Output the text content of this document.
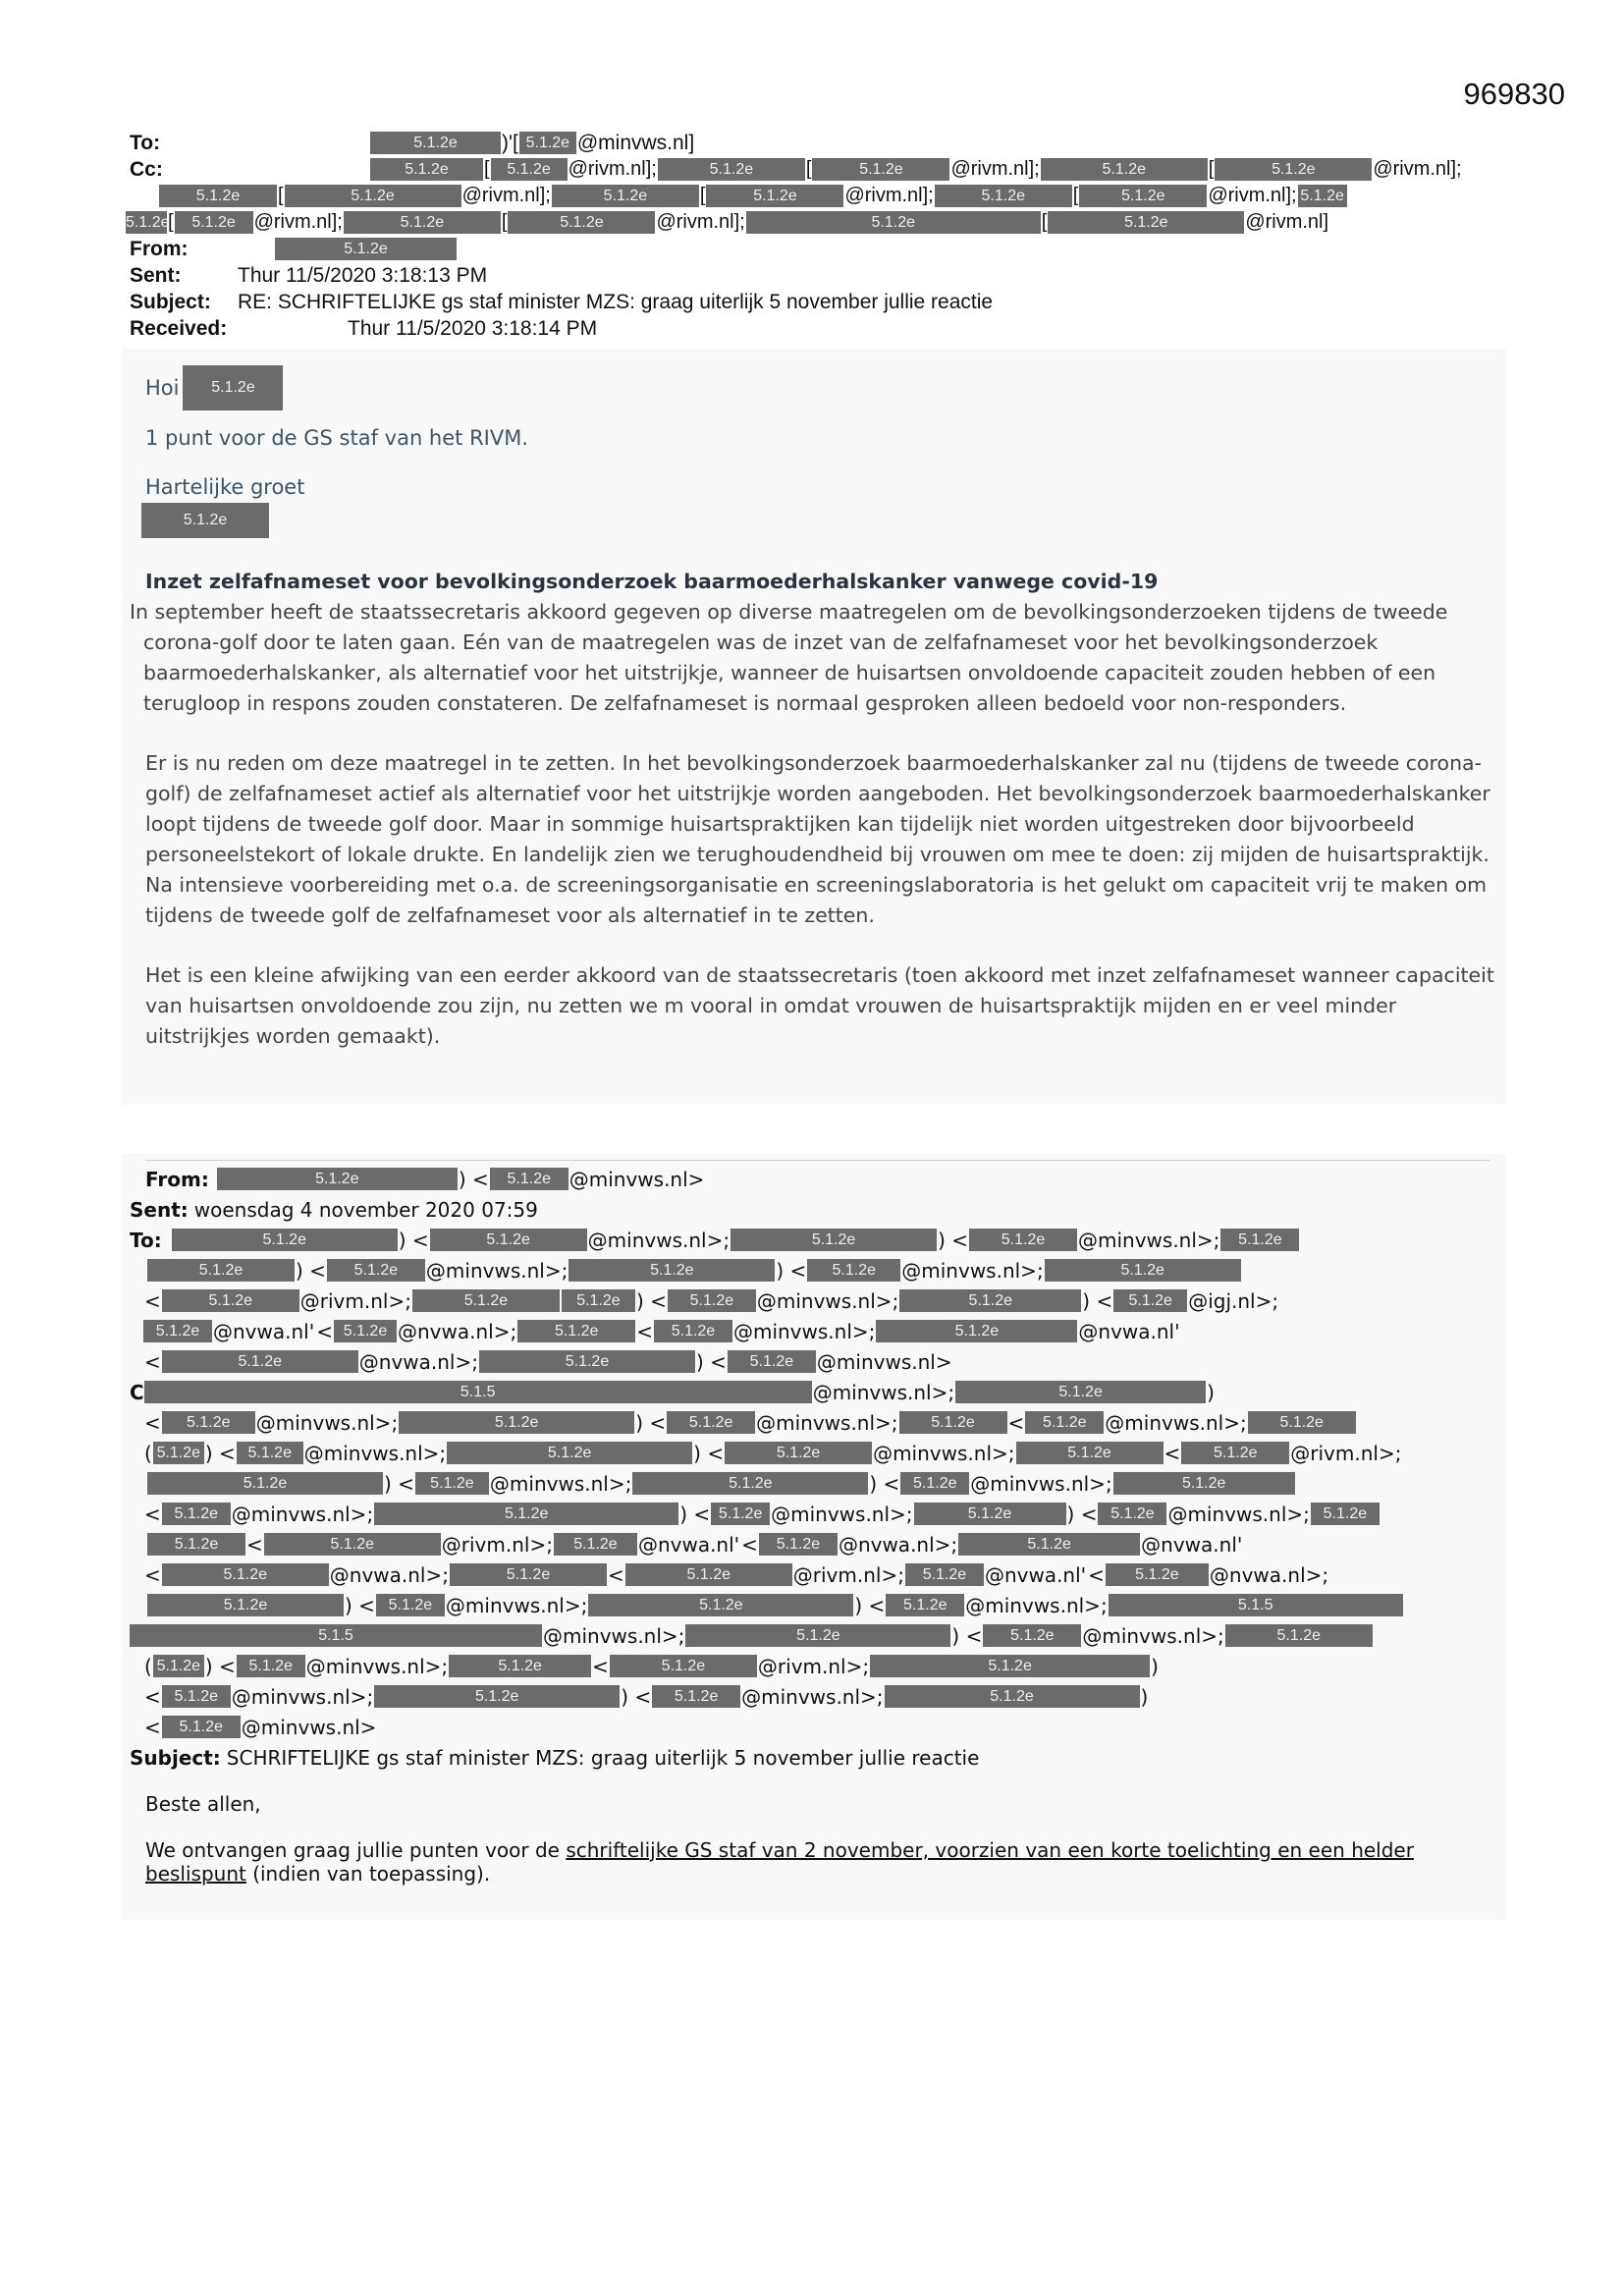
969830
To:	5.1.2e	)'[ 5.1.2e @minvws.nl]
Cc:	5.1.2e	[	5.1.2e @rivm.nl];	5.1.2e	[	5.1.2e	@rivm.nl];	5.1.2e	[	5.1.2e	@rivm.nl];
5.1.2e	[	5.1.2e	@rivm.nl];	5.1.2e	[	5.1.2e	@rivm.nl];	5.1.2e	[	5.1.2e	@rivm.nl]; 5.1.2e
5.1.2e
[	5.1.2e @rivm.nl];	5.1.2e	[	5.1.2e	@rivm.nl];	5.1.2e	[	5.1.2e	@rivm.nl]
From:	5.1.2e
Sent:	Thur 11/5/2020 3:18:13 PM
Subject:	RE: SCHRIFTELIJKE gs staf minister MZS: graag uiterlijk 5 november jullie reactie
Received:	Thur 11/5/2020 3:18:14 PM
Hoi	5.1.2e
1 punt voor de GS staf van het RIVM.
Hartelijke groet
5.1.2e
Inzet zelfafnameset voor bevolkingsonderzoek baarmoederhalskanker vanwege covid-19

In september heeft de staatssecretaris akkoord gegeven op diverse maatregelen om de bevolkingsonderzoeken tijdens de tweede corona-golf door te laten gaan. Eén van de maatregelen was de inzet van de zelfafnameset voor het bevolkingsonderzoek baarmoederhalskanker, als alternatief voor het uitstrijkje, wanneer de huisartsen onvoldoende capaciteit zouden hebben of een terugloop in respons zouden constateren. De zelfafnameset is normaal gesproken alleen bedoeld voor non-responders.

Er is nu reden om deze maatregel in te zetten. In het bevolkingsonderzoek baarmoederhalskanker zal nu (tijdens de tweede corona-golf) de zelfafnameset actief als alternatief voor het uitstrijkje worden aangeboden. Het bevolkingsonderzoek baarmoederhalskanker loopt tijdens de tweede golf door. Maar in sommige huisartspraktijken kan tijdelijk niet worden uitgestreken door bijvoorbeeld personeelstekort of lokale drukte. En landelijk zien we terughoudendheid bij vrouwen om mee te doen: zij mijden de huisartspraktijk. Na intensieve voorbereiding met o.a. de screeningsorganisatie en screeningslaboratoria is het gelukt om capaciteit vrij te maken om tijdens de tweede golf de zelfafnameset voor als alternatief in te zetten.

Het is een kleine afwijking van een eerder akkoord van de staatssecretaris (toen akkoord met inzet zelfafnameset wanneer capaciteit van huisartsen onvoldoende zou zijn, nu zetten we m vooral in omdat vrouwen de huisartspraktijk mijden en er veel minder uitstrijkjes worden gemaakt).

From:	5.1.2e	) <	5.1.2e @minvws.nl>
Sent: woensdag 4 november 2020 07:59
To:	5.1.2e	) <	5.1.2e	@minvws.nl>;	5.1.2e	) <	5.1.2e	@minvws.nl>;	5.1.2e
5.1.2e	) <	5.1.2e	@minvws.nl>;	5.1.2e	) <	5.1.2e	@minvws.nl>;	5.1.2e
<	5.1.2e	@rivm.nl>;	5.1.2e	5.1.2e ) <	5.1.2e	@minvws.nl>;	5.1.2e	) <	5.1.2e @igj.nl>;
5.1.2e @nvwa.nl' < 5.1.2e @nvwa.nl>;	5.1.2e	<	5.1.2e @minvws.nl>;	5.1.2e	@nvwa.nl'
<	5.1.2e	@nvwa.nl>;	5.1.2e	) <	5.1.2e	@minvws.nl>
C	5.1.5	@minvws.nl>;	5.1.2e	)
<	5.1.2e	@minvws.nl>;	5.1.2e	) <	5.1.2e	@minvws.nl>;	5.1.2e	<	5.1.2e @minvws.nl>;	5.1.2e
( 5.1.2e ) < 5.1.2e @minvws.nl>;	5.1.2e	) <	5.1.2e	@minvws.nl>;	5.1.2e	<	5.1.2e	@rivm.nl>;
5.1.2e	) <	5.1.2e @minvws.nl>;	5.1.2e	) < 5.1.2e @minvws.nl>;	5.1.2e
< 5.1.2e @minvws.nl>;	5.1.2e	) < 5.1.2e @minvws.nl>;	5.1.2e	) < 5.1.2e @minvws.nl>; 5.1.2e
5.1.2e	<	5.1.2e	@rivm.nl>;	5.1.2e	@nvwa.nl' <	5.1.2e @nvwa.nl>;	5.1.2e	@nvwa.nl'
<	5.1.2e	@nvwa.nl>;	5.1.2e	<	5.1.2e	@rivm.nl>;	5.1.2e @nvwa.nl' <	5.1.2e	@nvwa.nl>;
5.1.2e	) < 5.1.2e @minvws.nl>;	5.1.2e	) <	5.1.2e @minvws.nl>;	5.1.5
5.1.5	@minvws.nl>;	5.1.2e	) <	5.1.2e	@minvws.nl>;	5.1.2e
( 5.1.2e ) < 5.1.2e @minvws.nl>;	5.1.2e	<	5.1.2e	@rivm.nl>;	5.1.2e	)
< 5.1.2e @minvws.nl>;	5.1.2e	) <	5.1.2e	@minvws.nl>;	5.1.2e	)
<	5.1.2e @minvws.nl>
Subject: SCHRIFTELIJKE gs staf minister MZS: graag uiterlijk 5 november jullie reactie
Beste allen,
We ontvangen graag jullie punten voor de schriftelijke GS staf van 2 november, voorzien van een korte toelichting en een helder beslispunt (indien van toepassing).
